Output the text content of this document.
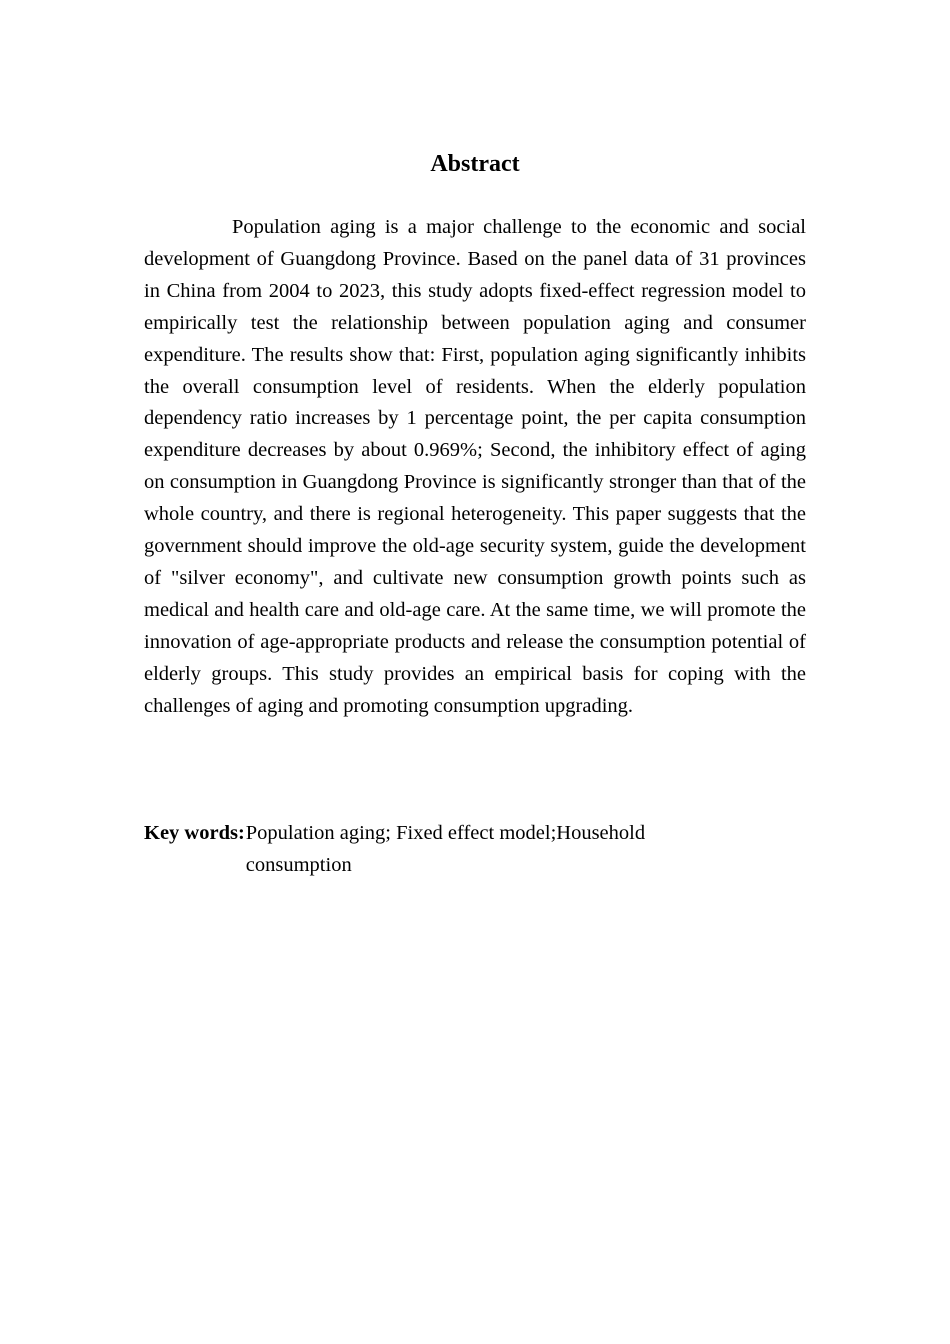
Abstract

Population aging is a major challenge to the economic and social development of Guangdong Province. Based on the panel data of 31 provinces in China from 2004 to 2023, this study adopts fixed-effect regression model to empirically test the relationship between population aging and consumer expenditure. The results show that: First, population aging significantly inhibits the overall consumption level of residents. When the elderly population dependency ratio increases by 1 percentage point, the per capita consumption expenditure decreases by about 0.969%; Second, the inhibitory effect of aging on consumption in Guangdong Province is significantly stronger than that of the whole country, and there is regional heterogeneity. This paper suggests that the government should improve the old-age security system, guide the development of "silver economy", and cultivate new consumption growth points such as medical and health care and old-age care. At the same time, we will promote the innovation of age-appropriate products and release the consumption potential of elderly groups. This study provides an empirical basis for coping with the challenges of aging and promoting consumption upgrading.

Key words: Population aging; Fixed effect model;Household consumption
